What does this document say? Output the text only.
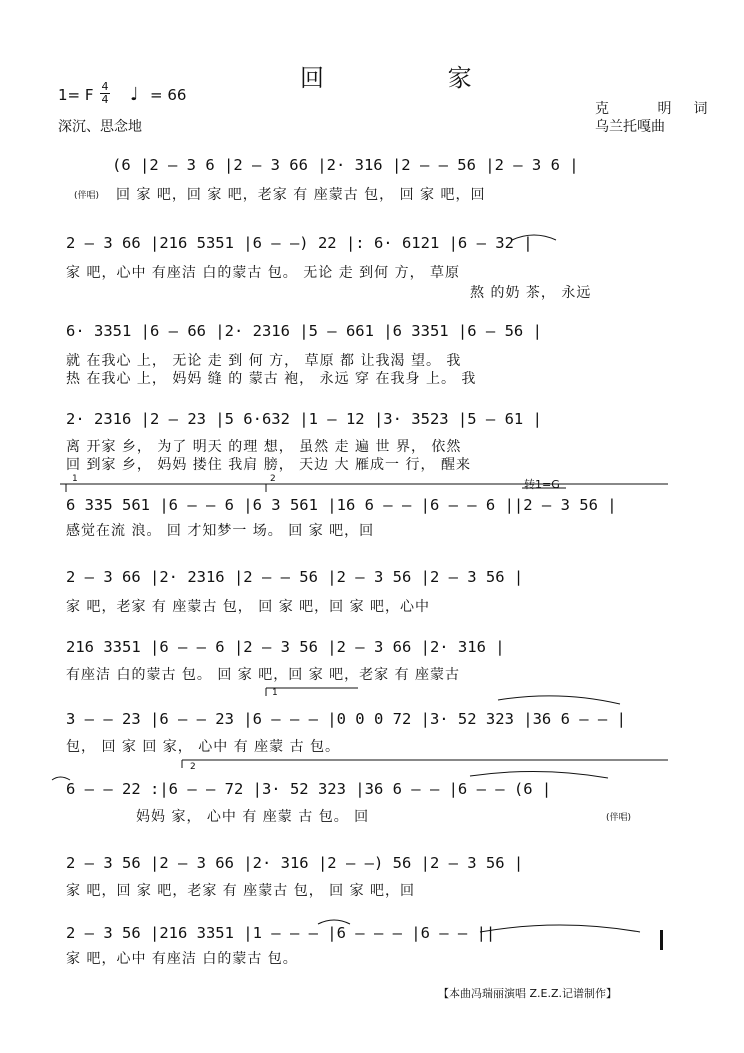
回 家
1= F 4
4 ♩ = 66
深沉、思念地
克 明词
乌兰托嘎曲
(6 |2 – 3 6 |2 – 3 66 |2· 316 |2 – – 56 |2 – 3 6 |
(伴唱) 回 家 吧，回 家 吧，老家 有 座蒙古 包， 回 家 吧，回
2 – 3 66 |216 5351 |6 – –) 22 |: 6· 6121 |6 – 32 |
家 吧，心中 有座洁 白的蒙古 包。 无论 走 到何 方， 草原
熬 的奶 茶， 永远
6· 3351 |6 – 66 |2· 2316 |5 – 661 |6 3351 |6 – 56 |
就 在我心 上， 无论 走 到 何 方， 草原 都 让我渴 望。 我
热 在我心 上， 妈妈 缝 的 蒙古 袍， 永远 穿 在我身 上。 我
2· 2316 |2 – 23 |5 6·632 |1 – 12 |3· 3523 |5 – 61 |
离 开家 乡， 为了 明天 的理 想， 虽然 走 遍 世 界， 依然
回 到家 乡， 妈妈 搂住 我肩 膀， 天边 大 雁成一 行， 醒来
1	2	转1=G
6 335 561 |6 – – 6 |6 3 561 |16 6 – – |6 – – 6 ||2 – 3 56 |
感觉在流 浪。 回 才知梦一 场。 回 家 吧，回
2 – 3 66 |2· 2316 |2 – – 56 |2 – 3 56 |2 – 3 56 |
家 吧，老家 有 座蒙古 包， 回 家 吧，回 家 吧，心中
216 3351 |6 – – 6 |2 – 3 56 |2 – 3 66 |2· 316 |
有座洁 白的蒙古 包。 回 家 吧，回 家 吧，老家 有 座蒙古
1
3 – – 23 |6 – – 23 |6 – – – |0 0 0 72 |3· 52 323 |36 6 – – |
包， 回 家 回 家， 心中 有 座蒙 古 包。
2
6 – – 22 :|6 – – 72 |3· 52 323 |36 6 – – |6 – – (6 |
妈妈 家， 心中 有 座蒙 古 包。 回	(伴唱)
2 – 3 56 |2 – 3 66 |2· 316 |2 – –) 56 |2 – 3 56 |
家 吧，回 家 吧，老家 有 座蒙古 包， 回 家 吧，回
2 – 3 56 |216 3351 |1 – – – |6 – – – |6 – – ||
家 吧，心中 有座洁 白的蒙古 包。
【本曲冯瑞丽演唱 Z.E.Z.记谱制作】
